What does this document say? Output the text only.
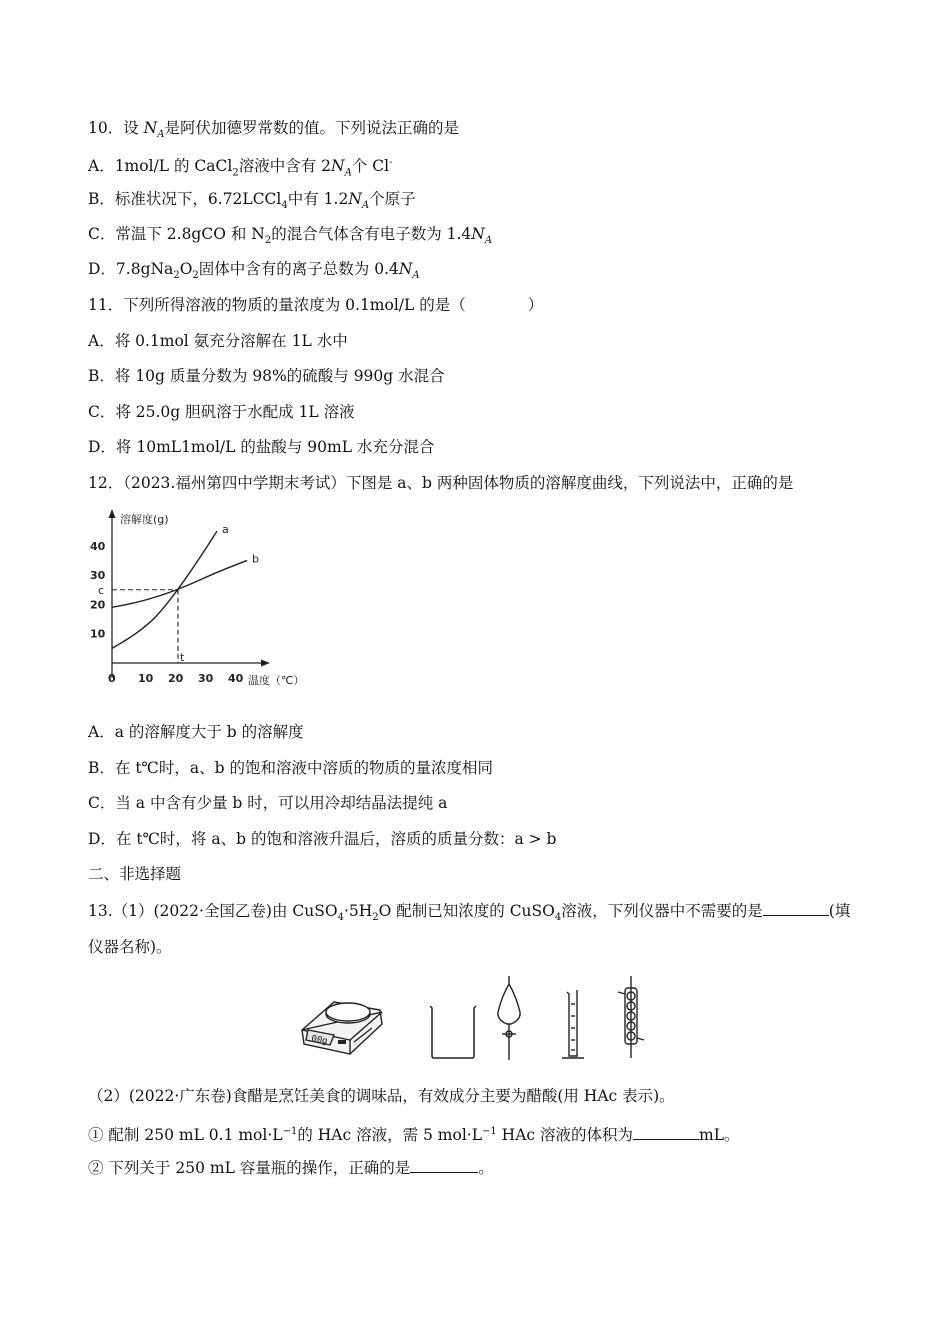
10．设 $N_A$是阿伏加德罗常数的值。下列说法正确的是
A．1mol/L 的 CaCl$_2$溶液中含有 $2N_A$个 Cl-
B．标准状况下，6.72LCCl$_4$中有 $1.2N_A$个原子
C．常温下 2.8gCO 和 $N_2$的混合气体含有电子数为 $1.4N_A$
D．$7.8gNa_2O_2$固体中含有的离子总数为 $0.4N_A$
11．下列所得溶液的物质的量浓度为 0.1mol/L 的是（　　　　）
A．将 0.1mol 氨充分溶解在 1L 水中
B．将 10g 质量分数为 98%的硫酸与 990g 水混合
C．将 25.0g 胆矾溶于水配成 1L 溶液
D．将 10mL1mol/L 的盐酸与 90mL 水充分混合
12．（2023.福州第四中学期末考试）下图是 a、b 两种固体物质的溶解度曲线，下列说法中，正确的是
溶解度(g)
温度（℃）
0 10 20 30 40
10
20
c
30
40
t
a
b
A．a 的溶解度大于 b 的溶解度
B．在 t℃时，a、b 的饱和溶液中溶质的物质的量浓度相同
C．当 a 中含有少量 b 时，可以用冷却结晶法提纯 a
D．在 t℃时，将 a、b 的饱和溶液升温后，溶质的质量分数：a > b
二、非选择题
13.（1）(2022·全国乙卷)由 $CuSO_4\cdot 5H_2O$ 配制已知浓度的 CuSO$_4$溶液，下列仪器中不需要的是	(填
仪器名称)。
00g
（2）(2022·广东卷)食醋是烹饪美食的调味品，有效成分主要为醋酸(用 HAc 表示)。
① 配制 250 mL 0.1 $mol\cdot L^{-1}$的 HAc 溶液，需 5 $mol\cdot L^{-1}$ HAc 溶液的体积为	mL。
② 下列关于 250 mL 容量瓶的操作，正确的是	。
